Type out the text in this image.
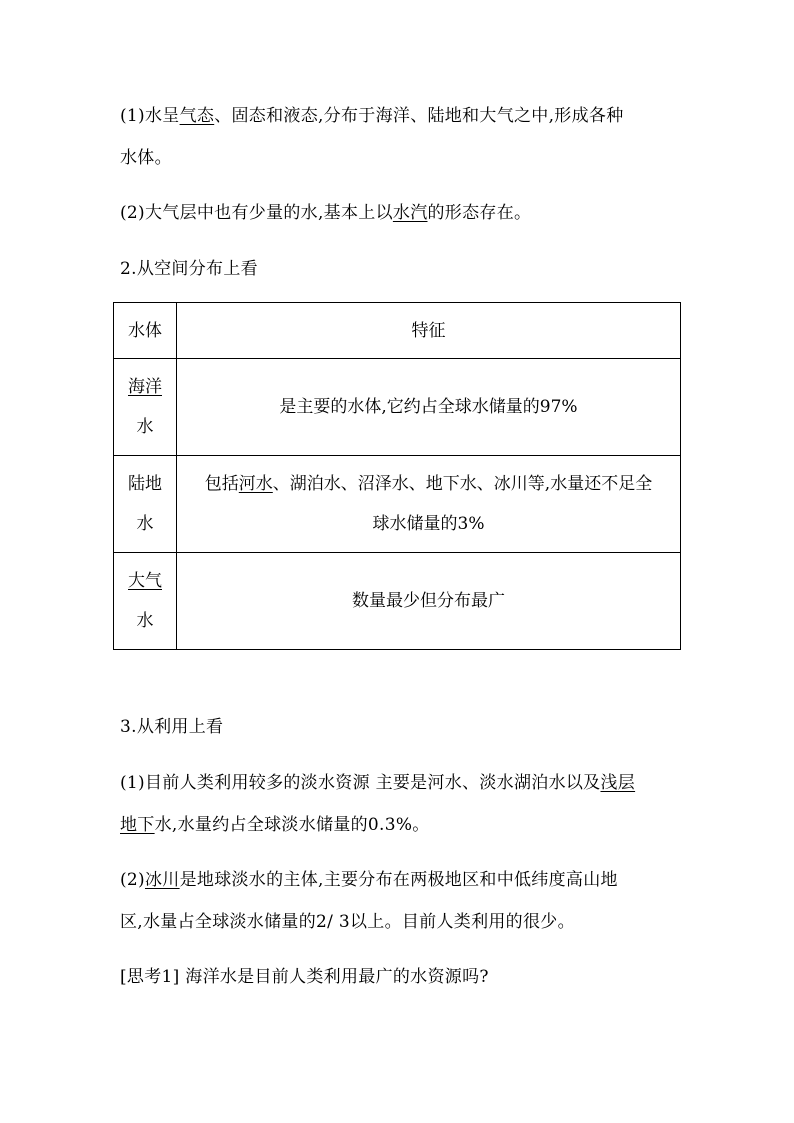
(1)水呈气态、固态和液态,分布于海洋、陆地和大气之中,形成各种
水体。
(2)大气层中也有少量的水,基本上以水汽的形态存在。
2.从空间分布上看
水体	特征
海洋
水	是主要的水体,它约占全球水储量的97%
陆地
水	包括河水、湖泊水、沼泽水、地下水、冰川等,水量还不足全
球水储量的3%
大气
水	数量最少但分布最广
3.从利用上看
(1)目前人类利用较多的淡水资源 主要是河水、淡水湖泊水以及浅层
地下水,水量约占全球淡水储量的0.3%。
(2)冰川是地球淡水的主体,主要分布在两极地区和中低纬度高山地
区,水量占全球淡水储量的2/ 3以上。目前人类利用的很少。
[思考1] 海洋水是目前人类利用最广的水资源吗?
